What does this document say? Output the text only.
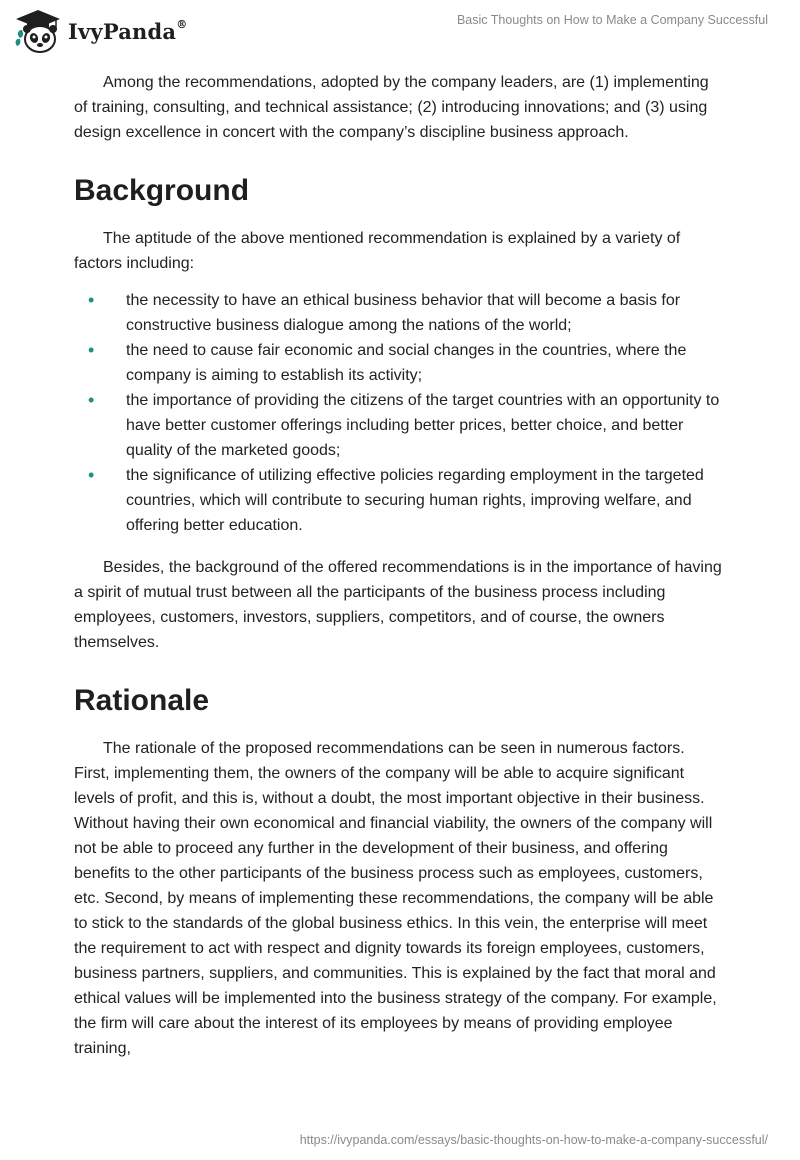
IvyPanda®	Basic Thoughts on How to Make a Company Successful

Among the recommendations, adopted by the company leaders, are (1) implementing of training, consulting, and technical assistance; (2) introducing innovations; and (3) using design excellence in concert with the company’s discipline business approach.

Background

The aptitude of the above mentioned recommendation is explained by a variety of factors including:

• the necessity to have an ethical business behavior that will become a basis for constructive business dialogue among the nations of the world;
• the need to cause fair economic and social changes in the countries, where the company is aiming to establish its activity;
• the importance of providing the citizens of the target countries with an opportunity to have better customer offerings including better prices, better choice, and better quality of the marketed goods;
• the significance of utilizing effective policies regarding employment in the targeted countries, which will contribute to securing human rights, improving welfare, and offering better education.

Besides, the background of the offered recommendations is in the importance of having a spirit of mutual trust between all the participants of the business process including employees, customers, investors, suppliers, competitors, and of course, the owners themselves.

Rationale

The rationale of the proposed recommendations can be seen in numerous factors. First, implementing them, the owners of the company will be able to acquire significant levels of profit, and this is, without a doubt, the most important objective in their business. Without having their own economical and financial viability, the owners of the company will not be able to proceed any further in the development of their business, and offering benefits to the other participants of the business process such as employees, customers, etc. Second, by means of implementing these recommendations, the company will be able to stick to the standards of the global business ethics. In this vein, the enterprise will meet the requirement to act with respect and dignity towards its foreign employees, customers, business partners, suppliers, and communities. This is explained by the fact that moral and ethical values will be implemented into the business strategy of the company. For example, the firm will care about the interest of its employees by means of providing employee training,

https://ivypanda.com/essays/basic-thoughts-on-how-to-make-a-company-successful/
